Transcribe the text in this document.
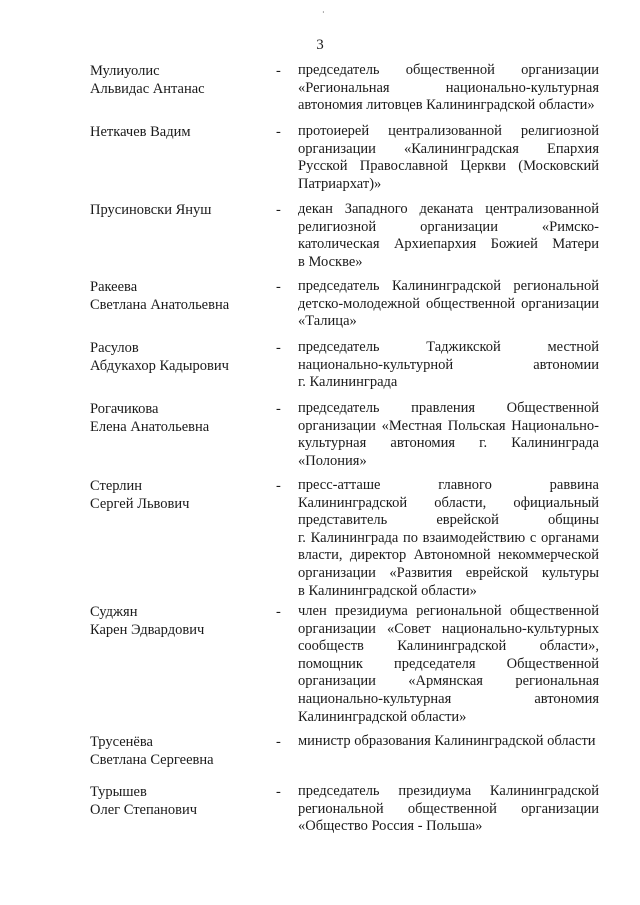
·
3
Мулиуолис
Альвидас Антанас
- председатель общественной организации
«Региональная национально-культурная
автономия литовцев Калининградской области»
Неткачев Вадим	- протоиерей централизованной религиозной
организации «Калининградская Епархия
Русской Православной Церкви (Московский
Патриархат)»
Прусиновски Януш	- декан Западного деканата централизованной
религиозной организации «Римско-
католическая Архиепархия Божией Матери
в Москве»
Ракеева
Светлана Анатольевна
- председатель Калининградской региональной
детско-молодежной общественной организации
«Талица»
Расулов
Абдукахор Кадырович
- председатель Таджикской местной
национально-культурной автономии
г. Калининграда
Рогачикова
Елена Анатольевна
- председатель правления Общественной
организации «Местная Польская Национально-
культурная автономия г. Калининграда
«Полония»
Стерлин
Сергей Львович
- пресс-атташе главного раввина
Калининградской области, официальный
представитель еврейской общины
г. Калининграда по взаимодействию с органами
власти, директор Автономной некоммерческой
организации «Развития еврейской культуры
в Калининградской области»
Суджян
Карен Эдвардович
- член президиума региональной общественной
организации «Совет национально-культурных
сообществ Калининградской области»,
помощник председателя Общественной
организации «Армянская региональная
национально-культурная автономия
Калининградской области»
Трусенёва
Светлана Сергеевна
- министр образования Калининградской области
Турышев
Олег Степанович
- председатель президиума Калининградской
региональной общественной организации
«Общество Россия - Польша»
